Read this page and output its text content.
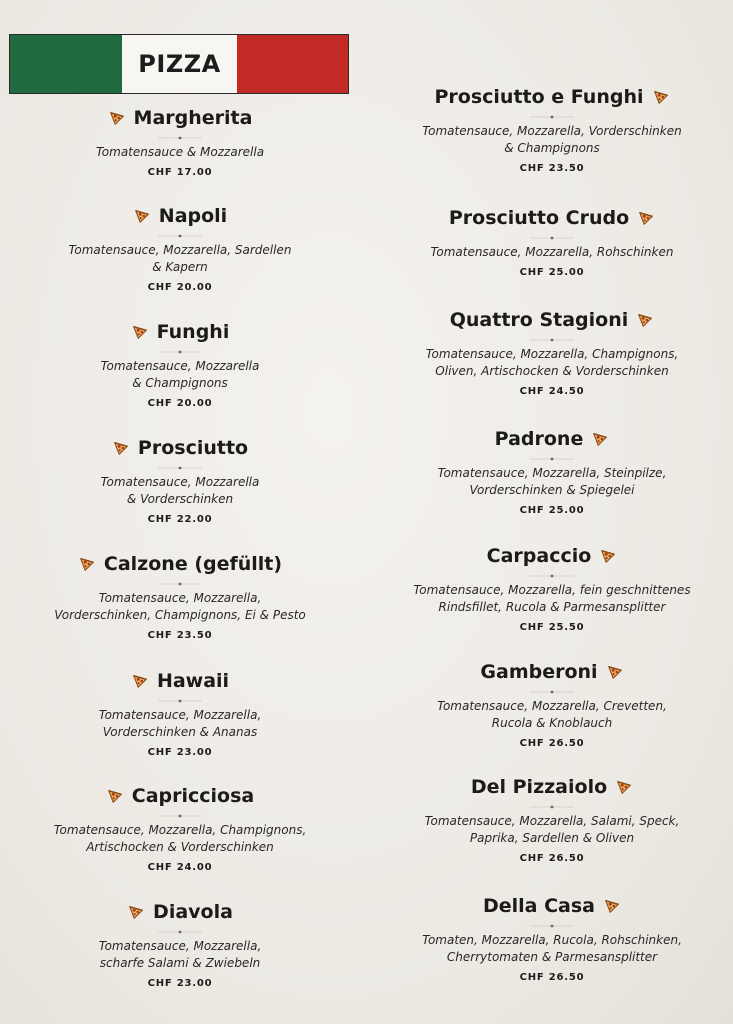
PIZZA
Margherita
Tomatensauce & Mozzarella
CHF 17.00
Napoli
Tomatensauce, Mozzarella, Sardellen
& Kapern
CHF 20.00
Funghi
Tomatensauce, Mozzarella
& Champignons
CHF 20.00
Prosciutto
Tomatensauce, Mozzarella
& Vorderschinken
CHF 22.00
Calzone (gefüllt)
Tomatensauce, Mozzarella,
Vorderschinken, Champignons, Ei & Pesto
CHF 23.50
Hawaii
Tomatensauce, Mozzarella,
Vorderschinken & Ananas
CHF 23.00
Capricciosa
Tomatensauce, Mozzarella, Champignons,
Artischocken & Vorderschinken
CHF 24.00
Diavola
Tomatensauce, Mozzarella,
scharfe Salami & Zwiebeln
CHF 23.00
Prosciutto e Funghi
Tomatensauce, Mozzarella, Vorderschinken
& Champignons
CHF 23.50
Prosciutto Crudo
Tomatensauce, Mozzarella, Rohschinken
CHF 25.00
Quattro Stagioni
Tomatensauce, Mozzarella, Champignons,
Oliven, Artischocken & Vorderschinken
CHF 24.50
Padrone
Tomatensauce, Mozzarella, Steinpilze,
Vorderschinken & Spiegelei
CHF 25.00
Carpaccio
Tomatensauce, Mozzarella, fein geschnittenes
Rindsfillet, Rucola & Parmesansplitter
CHF 25.50
Gamberoni
Tomatensauce, Mozzarella, Crevetten,
Rucola & Knoblauch
CHF 26.50
Del Pizzaiolo
Tomatensauce, Mozzarella, Salami, Speck,
Paprika, Sardellen & Oliven
CHF 26.50
Della Casa
Tomaten, Mozzarella, Rucola, Rohschinken,
Cherrytomaten & Parmesansplitter
CHF 26.50
